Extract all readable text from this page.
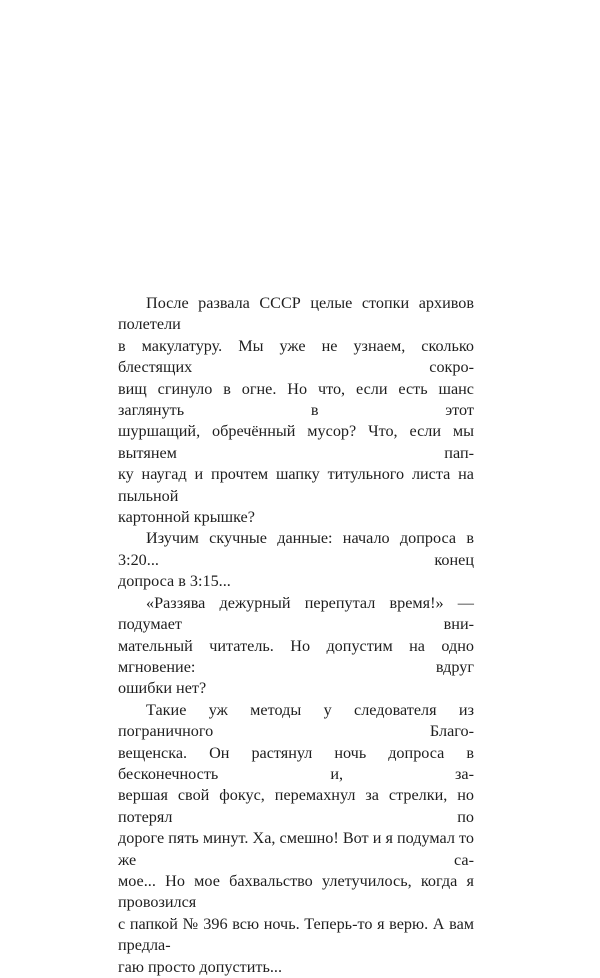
После развала СССР целые стопки архивов полетели
в макулатуру. Мы уже не узнаем, сколько блестящих сокро-
вищ сгинуло в огне. Но что, если есть шанс заглянуть в этот
шуршащий, обречённый мусор? Что, если мы вытянем пап-
ку наугад и прочтем шапку титульного листа на пыльной
картонной крышке?
Изучим скучные данные: начало допроса в 3:20... конец
допроса в 3:15...
«Раззява дежурный перепутал время!» — подумает вни-
мательный читатель. Но допустим на одно мгновение: вдруг
ошибки нет?
Такие уж методы у следователя из пограничного Благо-
вещенска. Он растянул ночь допроса в бесконечность и, за-
вершая свой фокус, перемахнул за стрелки, но потерял по
дороге пять минут. Ха, смешно! Вот и я подумал то же са-
мое... Но мое бахвальство улетучилось, когда я провозился
с папкой № 396 всю ночь. Теперь-то я верю. А вам предла-
гаю просто допустить...
